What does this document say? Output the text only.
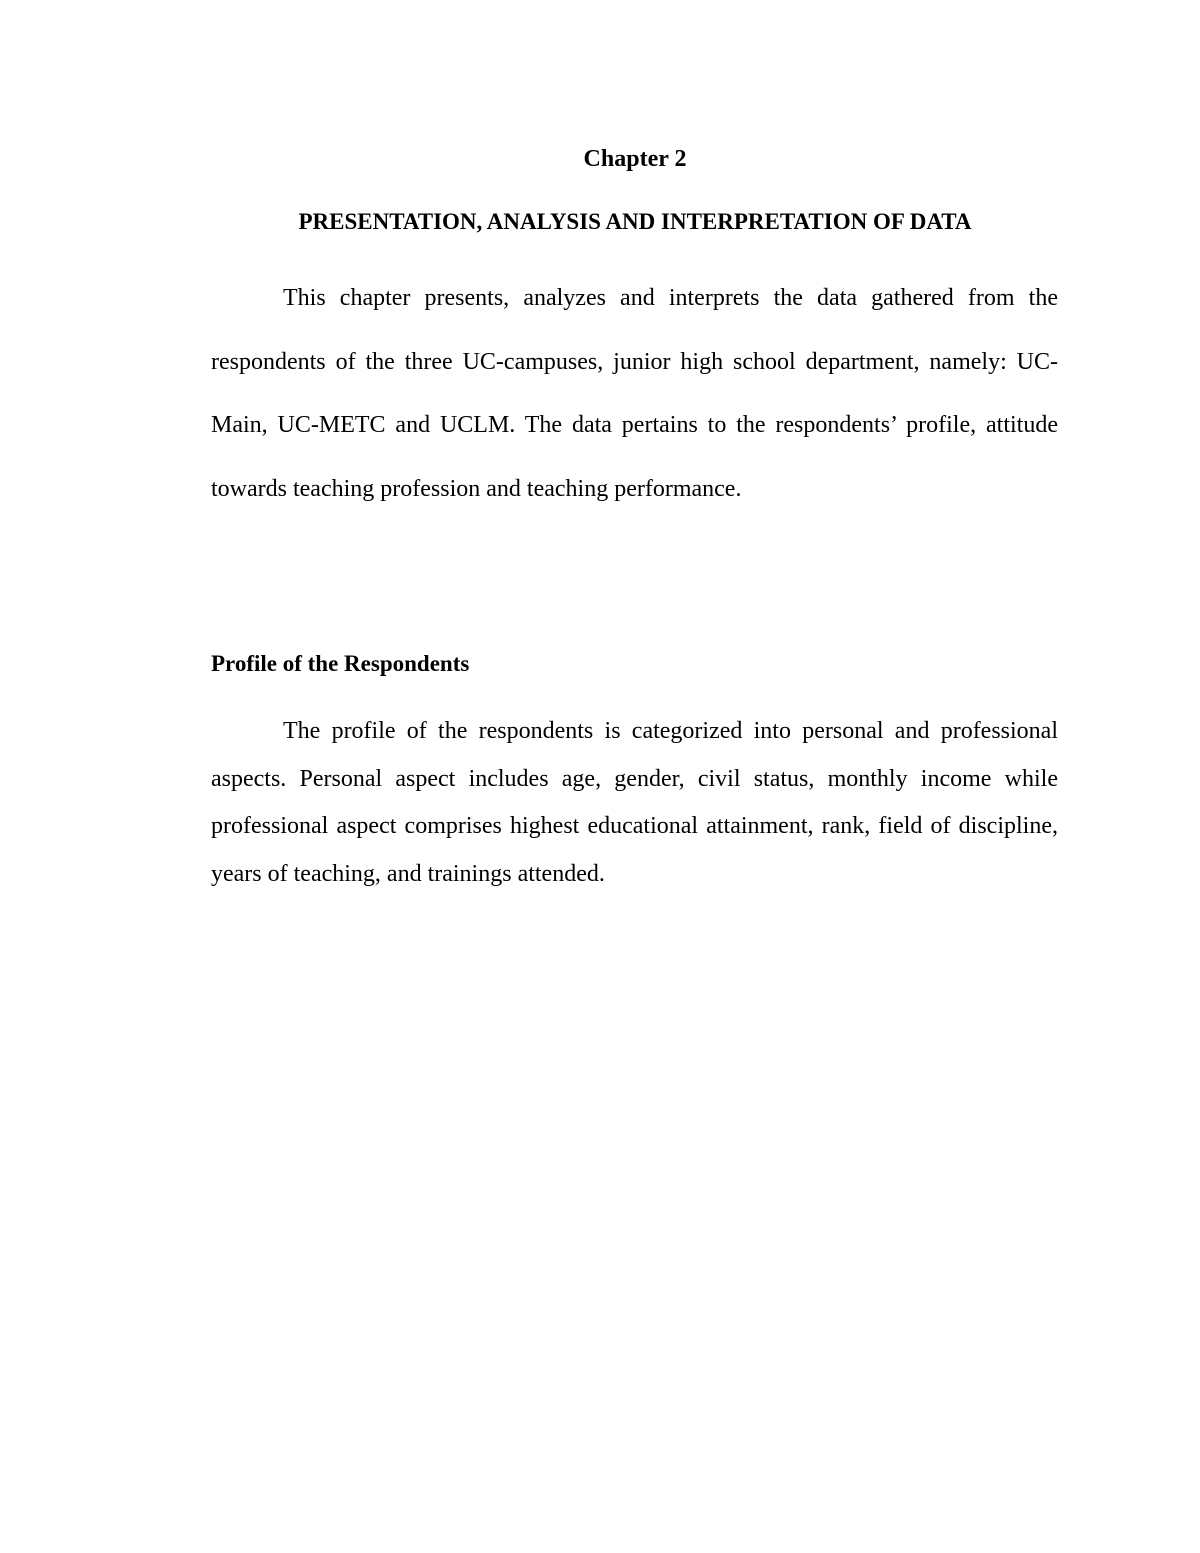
Chapter 2
PRESENTATION, ANALYSIS AND INTERPRETATION OF DATA

This chapter presents, analyzes and interprets the data gathered from the respondents of the three UC-campuses, junior high school department, namely: UC-Main, UC-METC and UCLM. The data pertains to the respondents’ profile, attitude towards teaching profession and teaching performance.

Profile of the Respondents

The profile of the respondents is categorized into personal and professional aspects. Personal aspect includes age, gender, civil status, monthly income while professional aspect comprises highest educational attainment, rank, field of discipline, years of teaching, and trainings attended.
